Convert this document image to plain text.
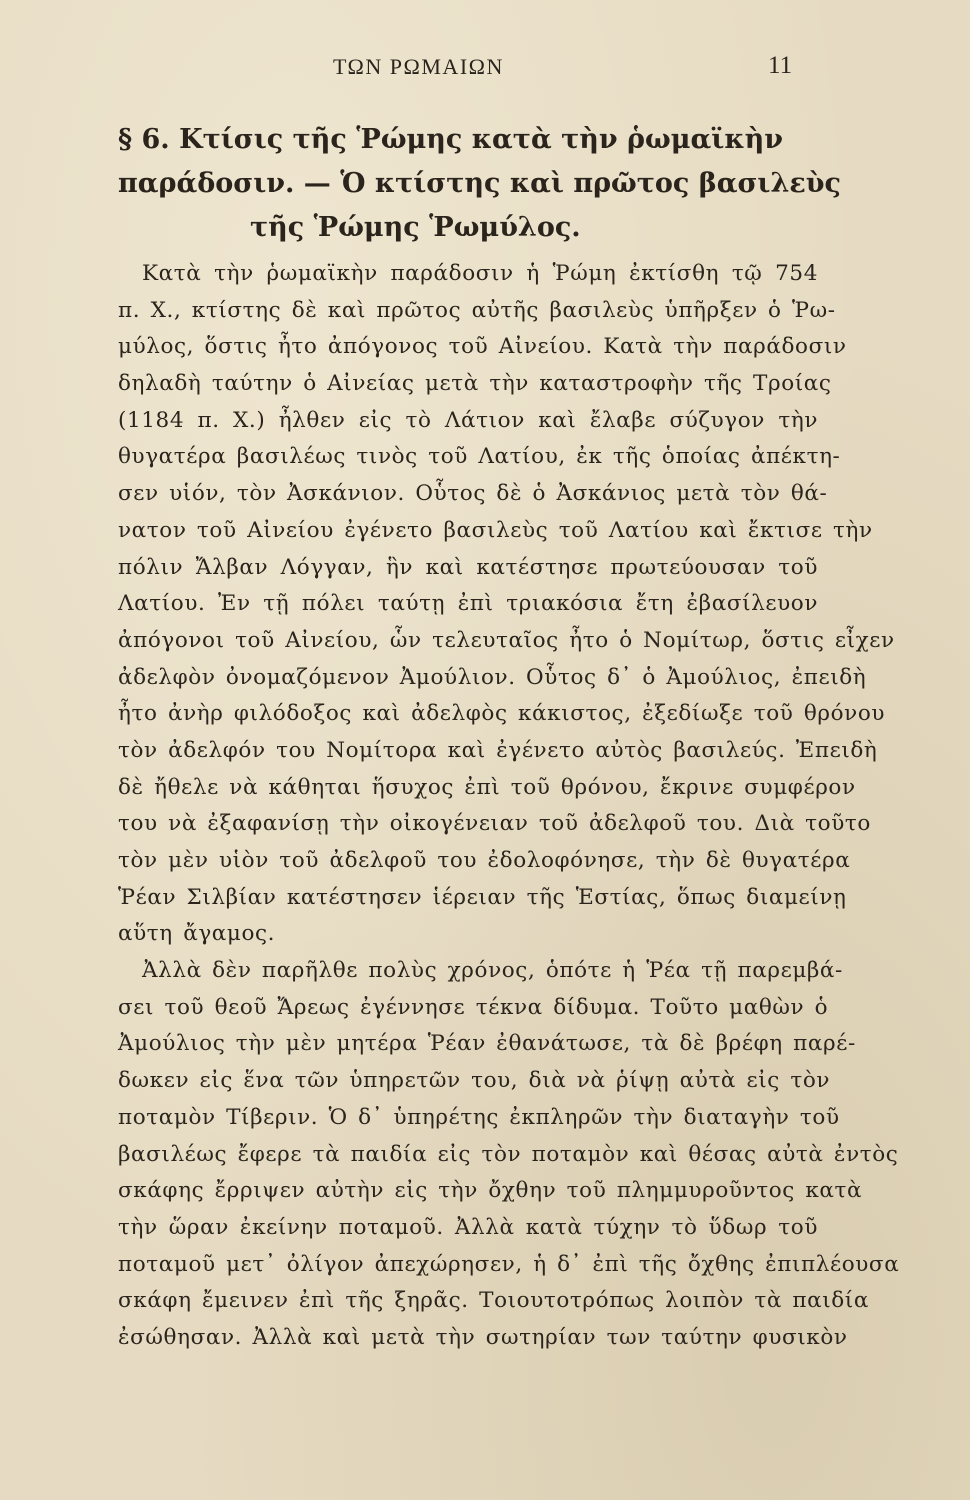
ΤΩΝ ΡΩΜΑΙΩΝ	11
§ 6. Κτίσις τῆς Ῥώμης κατὰ τὴν ῥωμαϊκὴν
παράδοσιν. — Ὁ κτίστης καὶ πρῶτος βασιλεὺς
τῆς Ῥώμης Ῥωμύλος.
Κατὰ τὴν ῥωμαϊκὴν παράδοσιν ἡ Ῥώμη ἐκτίσθη τῷ 754
π. Χ., κτίστης δὲ καὶ πρῶτος αὐτῆς βασιλεὺς ὑπῆρξεν ὁ Ῥω-
μύλος, ὅστις ἦτο ἀπόγονος τοῦ Αἰνείου. Κατὰ τὴν παράδοσιν
δηλαδὴ ταύτην ὁ Αἰνείας μετὰ τὴν καταστροφὴν τῆς Τροίας
(1184 π. Χ.) ἦλθεν εἰς τὸ Λάτιον καὶ ἔλαβε σύζυγον τὴν
θυγατέρα βασιλέως τινὸς τοῦ Λατίου, ἐκ τῆς ὁποίας ἀπέκτη-
σεν υἱόν, τὸν Ἀσκάνιον. Οὗτος δὲ ὁ Ἀσκάνιος μετὰ τὸν θά-
νατον τοῦ Αἰνείου ἐγένετο βασιλεὺς τοῦ Λατίου καὶ ἔκτισε τὴν
πόλιν Ἄλβαν Λόγγαν, ἣν καὶ κατέστησε πρωτεύουσαν τοῦ
Λατίου. Ἐν τῇ πόλει ταύτῃ ἐπὶ τριακόσια ἔτη ἐβασίλευον
ἀπόγονοι τοῦ Αἰνείου, ὧν τελευταῖος ἦτο ὁ Νομίτωρ, ὅστις εἶχεν
ἀδελφὸν ὀνομαζόμενον Ἀμούλιον. Οὗτος δ᾽ ὁ Ἀμούλιος, ἐπειδὴ
ἦτο ἀνὴρ φιλόδοξος καὶ ἀδελφὸς κάκιστος, ἐξεδίωξε τοῦ θρόνου
τὸν ἀδελφόν του Νομίτορα καὶ ἐγένετο αὐτὸς βασιλεύς. Ἐπειδὴ
δὲ ἤθελε νὰ κάθηται ἥσυχος ἐπὶ τοῦ θρόνου, ἔκρινε συμφέρον
του νὰ ἐξαφανίσῃ τὴν οἰκογένειαν τοῦ ἀδελφοῦ του. Διὰ τοῦτο
τὸν μὲν υἱὸν τοῦ ἀδελφοῦ του ἐδολοφόνησε, τὴν δὲ θυγατέρα
Ῥέαν Σιλβίαν κατέστησεν ἱέρειαν τῆς Ἑστίας, ὅπως διαμείνῃ
αὕτη ἄγαμος.
Ἀλλὰ δὲν παρῆλθε πολὺς χρόνος, ὁπότε ἡ Ῥέα τῇ παρεμβά-
σει τοῦ θεοῦ Ἄρεως ἐγέννησε τέκνα δίδυμα. Τοῦτο μαθὼν ὁ
Ἀμούλιος τὴν μὲν μητέρα Ῥέαν ἐθανάτωσε, τὰ δὲ βρέφη παρέ-
δωκεν εἰς ἕνα τῶν ὑπηρετῶν του, διὰ νὰ ῥίψῃ αὐτὰ εἰς τὸν
ποταμὸν Τίβεριν. Ὁ δ᾽ ὑπηρέτης ἐκπληρῶν τὴν διαταγὴν τοῦ
βασιλέως ἔφερε τὰ παιδία εἰς τὸν ποταμὸν καὶ θέσας αὐτὰ ἐντὸς
σκάφης ἔρριψεν αὐτὴν εἰς τὴν ὄχθην τοῦ πλημμυροῦντος κατὰ
τὴν ὥραν ἐκείνην ποταμοῦ. Ἀλλὰ κατὰ τύχην τὸ ὕδωρ τοῦ
ποταμοῦ μετ᾽ ὀλίγον ἀπεχώρησεν, ἡ δ᾽ ἐπὶ τῆς ὄχθης ἐπιπλέουσα
σκάφη ἔμεινεν ἐπὶ τῆς ξηρᾶς. Τοιουτοτρόπως λοιπὸν τὰ παιδία
ἐσώθησαν. Ἀλλὰ καὶ μετὰ τὴν σωτηρίαν των ταύτην φυσικὸν
